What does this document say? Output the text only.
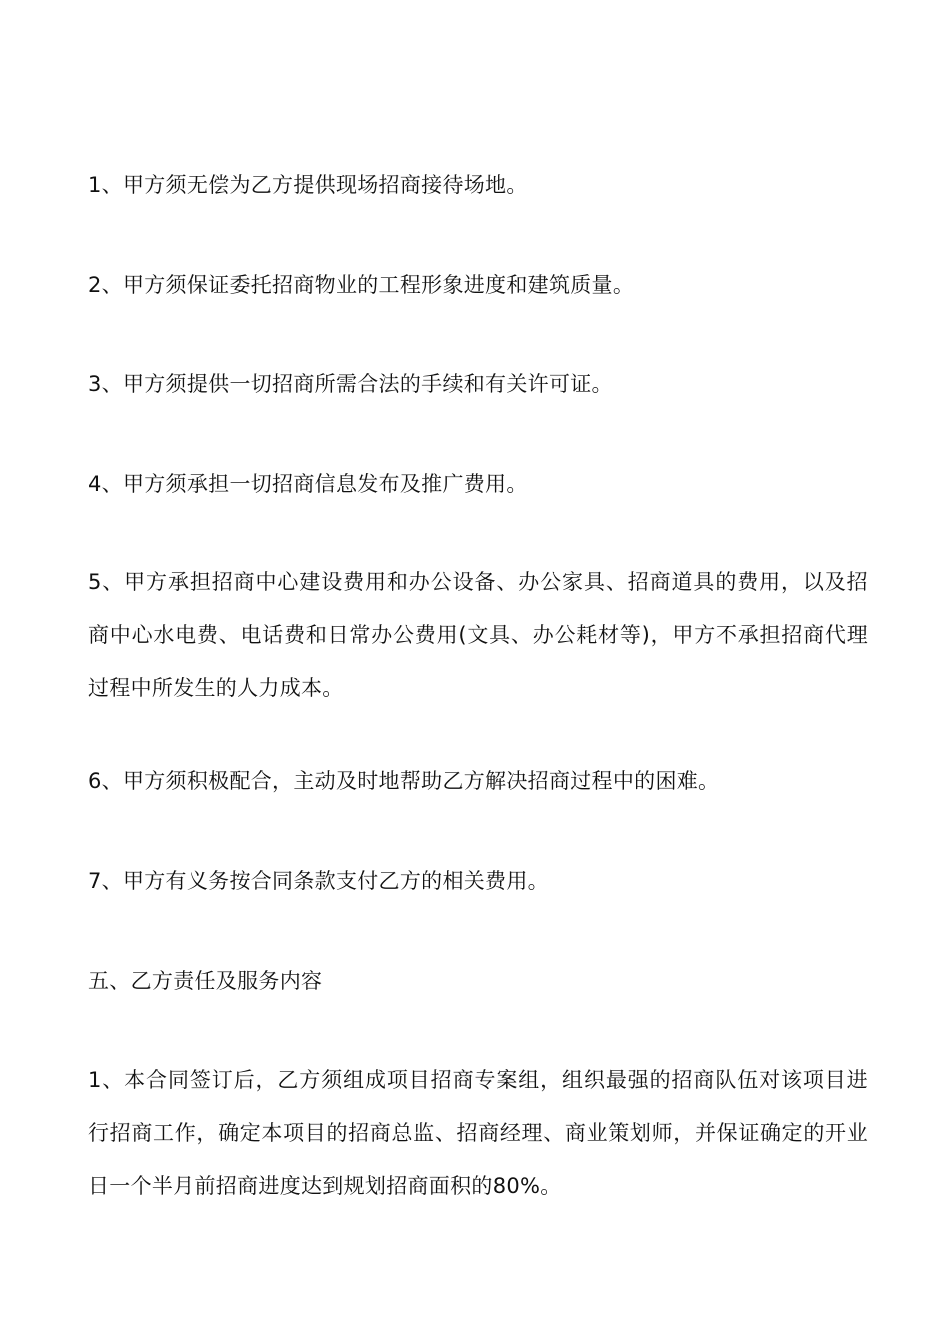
1、甲方须无偿为乙方提供现场招商接待场地。

2、甲方须保证委托招商物业的工程形象进度和建筑质量。

3、甲方须提供一切招商所需合法的手续和有关许可证。

4、甲方须承担一切招商信息发布及推广费用。

5、甲方承担招商中心建设费用和办公设备、办公家具、招商道具的费用，以及招商中心水电费、电话费和日常办公费用(文具、办公耗材等)，甲方不承担招商代理过程中所发生的人力成本。

6、甲方须积极配合，主动及时地帮助乙方解决招商过程中的困难。

7、甲方有义务按合同条款支付乙方的相关费用。

五、乙方责任及服务内容

1、本合同签订后，乙方须组成项目招商专案组，组织最强的招商队伍对该项目进行招商工作，确定本项目的招商总监、招商经理、商业策划师，并保证确定的开业日一个半月前招商进度达到规划招商面积的80%。
